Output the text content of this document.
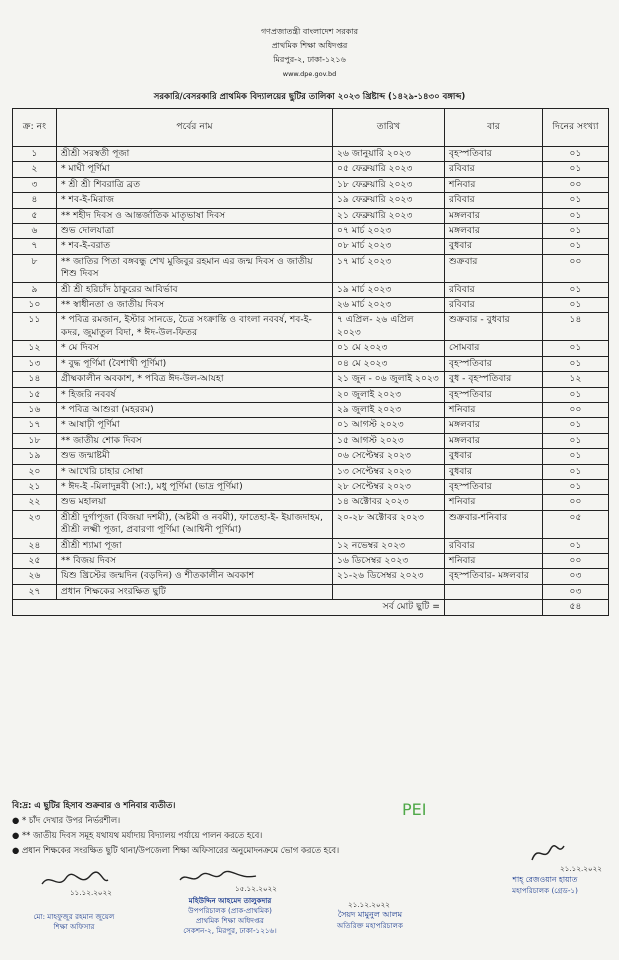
গণপ্রজাতন্ত্রী বাংলাদেশ সরকার
প্রাথমিক শিক্ষা অধিদপ্তর
মিরপুর-২, ঢাকা-১২১৬
www.dpe.gov.bd
সরকারি/বেসরকারি প্রাথমিক বিদ্যালয়ের ছুটির তালিকা ২০২৩ খ্রিষ্টাব্দ (১৪২৯-১৪৩০ বঙ্গাব্দ)
ক্র: নং	পর্বের নাম	তারিখ	বার	দিনের সংখ্যা
১	শ্রীশ্রী সরস্বতী পূজা	২৬ জানুয়ারি ২০২৩	বৃহস্পতিবার	০১
২	* মাঘী পূর্ণিমা	০৫ ফেব্রুয়ারি ২০২৩	রবিবার	০১
৩	* শ্রী শ্রী শিবরাত্রি ব্রত	১৮ ফেব্রুয়ারি ২০২৩	শনিবার	০০
৪	* শব-ই-মিরাজ	১৯ ফেব্রুয়ারি ২০২৩	রবিবার	০১
৫	** শহীদ দিবস ও আন্তর্জাতিক মাতৃভাষা দিবস	২১ ফেব্রুয়ারি ২০২৩	মঙ্গলবার	০১
৬	শুভ দোলযাত্রা	০৭ মার্চ ২০২৩	মঙ্গলবার	০১
৭	* শব-ই-বরাত	০৮ মার্চ ২০২৩	বুধবার	০১
৮	** জাতির পিতা বঙ্গবন্ধু শেখ মুজিবুর রহমান এর জন্ম দিবস ও জাতীয় শিশু দিবস	১৭ মার্চ ২০২৩	শুক্রবার	০০
৯	শ্রী শ্রী হরিচাঁদ ঠাকুরের আবির্ভাব	১৯ মার্চ ২০২৩	রবিবার	০১
১০	** স্বাধীনতা ও জাতীয় দিবস	২৬ মার্চ ২০২৩	রবিবার	০১
১১	* পবিত্র রমজান, ইস্টার সানডে, চৈত্র সংক্রান্তি ও বাংলা নববর্ষ, শব-ই-কদর, জুমাতুল বিদা, * ঈদ-উল-ফিতর	৭ এপ্রিল- ২৬ এপ্রিল ২০২৩	শুক্রবার - বুধবার	১৪
১২	* মে দিবস	০১ মে ২০২৩	সোমবার	০১
১৩	* বুদ্ধ পূর্ণিমা (বৈশাখী পূর্ণিমা)	০৪ মে ২০২৩	বৃহস্পতিবার	০১
১৪	গ্রীষ্মকালীন অবকাশ, * পবিত্র ঈদ-উল-আযহা	২১ জুন - ০৬ জুলাই ২০২৩	বুধ - বৃহস্পতিবার	১২
১৫	* হিজরি নববর্ষ	২০ জুলাই ২০২৩	বৃহস্পতিবার	০১
১৬	* পবিত্র আশুরা (মহররম)	২৯ জুলাই ২০২৩	শনিবার	০০
১৭	* আষাঢ়ী পূর্ণিমা	০১ আগস্ট ২০২৩	মঙ্গলবার	০১
১৮	** জাতীয় শোক দিবস	১৫ আগস্ট ২০২৩	মঙ্গলবার	০১
১৯	শুভ জন্মাষ্টমী	০৬ সেপ্টেম্বর ২০২৩	বুধবার	০১
২০	* আখেরি চাহার সোম্বা	১৩ সেপ্টেম্বর ২০২৩	বুধবার	০১
২১	* ঈদ-ই -মিলাদুন্নবী (সা:), মধু পূর্ণিমা (ভাদ্র পূর্ণিমা)	২৮ সেপ্টেম্বর ২০২৩	বৃহস্পতিবার	০১
২২	শুভ মহালয়া	১৪ অক্টোবর ২০২৩	শনিবার	০০
২৩	শ্রীশ্রী দুর্গাপূজা (বিজয়া দশমী), (অষ্টমী ও নবমী), ফাতেহা-ই- ইয়াজদাহম, শ্রীশ্রী লক্ষ্মী পূজা, প্রবারণা পূর্ণিমা (আশ্বিনী পূর্ণিমা)	২০-২৮ অক্টোবর ২০২৩	শুক্রবার-শনিবার	০৫
২৪	শ্রীশ্রী শ্যামা পূজা	১২ নভেম্বর ২০২৩	রবিবার	০১
২৫	** বিজয় দিবস	১৬ ডিসেম্বর ২০২৩	শনিবার	০০
২৬	যিশু খ্রিস্টের জন্মদিন (বড়দিন) ও শীতকালীন অবকাশ	২১-২৬ ডিসেম্বর ২০২৩	বৃহস্পতিবার- মঙ্গলবার	০৩
২৭	প্রধান শিক্ষকের সংরক্ষিত ছুটি			০৩
সর্ব মোট ছুটি =				৫৪
বি:দ্র: এ ছুটির হিসাব শুক্রবার ও শনিবার ব্যতীত।
● * চাঁদ দেখার উপর নির্ভরশীল।
● ** জাতীয় দিবস সমূহ যথাযথ মর্যাদায় বিদ্যালয় পর্যায়ে পালন করতে হবে।
● প্রধান শিক্ষকের সংরক্ষিত ছুটি থানা/উপজেলা শিক্ষা অফিসারের অনুমোদনক্রমে ভোগ করতে হবে।
PEI
১১.১২.২০২২
মো: মাহফুজুর রহমান জুয়েল
শিক্ষা অফিসার
১৫.১২.২০২২
মহিউদ্দিন আহমেদ তালুকদার
উপপরিচালক (প্রাক-প্রাথমিক)
প্রাথমিক শিক্ষা অধিদপ্তর
সেকশন-২, মিরপুর, ঢাকা-১২১৬।
২১.১২.২০২২
সৈয়দ মামুনুল আলম
অতিরিক্ত মহাপরিচালক
২১.১২.২০২২
শাহ্ রেজওয়ান হায়াত
মহাপরিচালক (গ্রেড-১)
